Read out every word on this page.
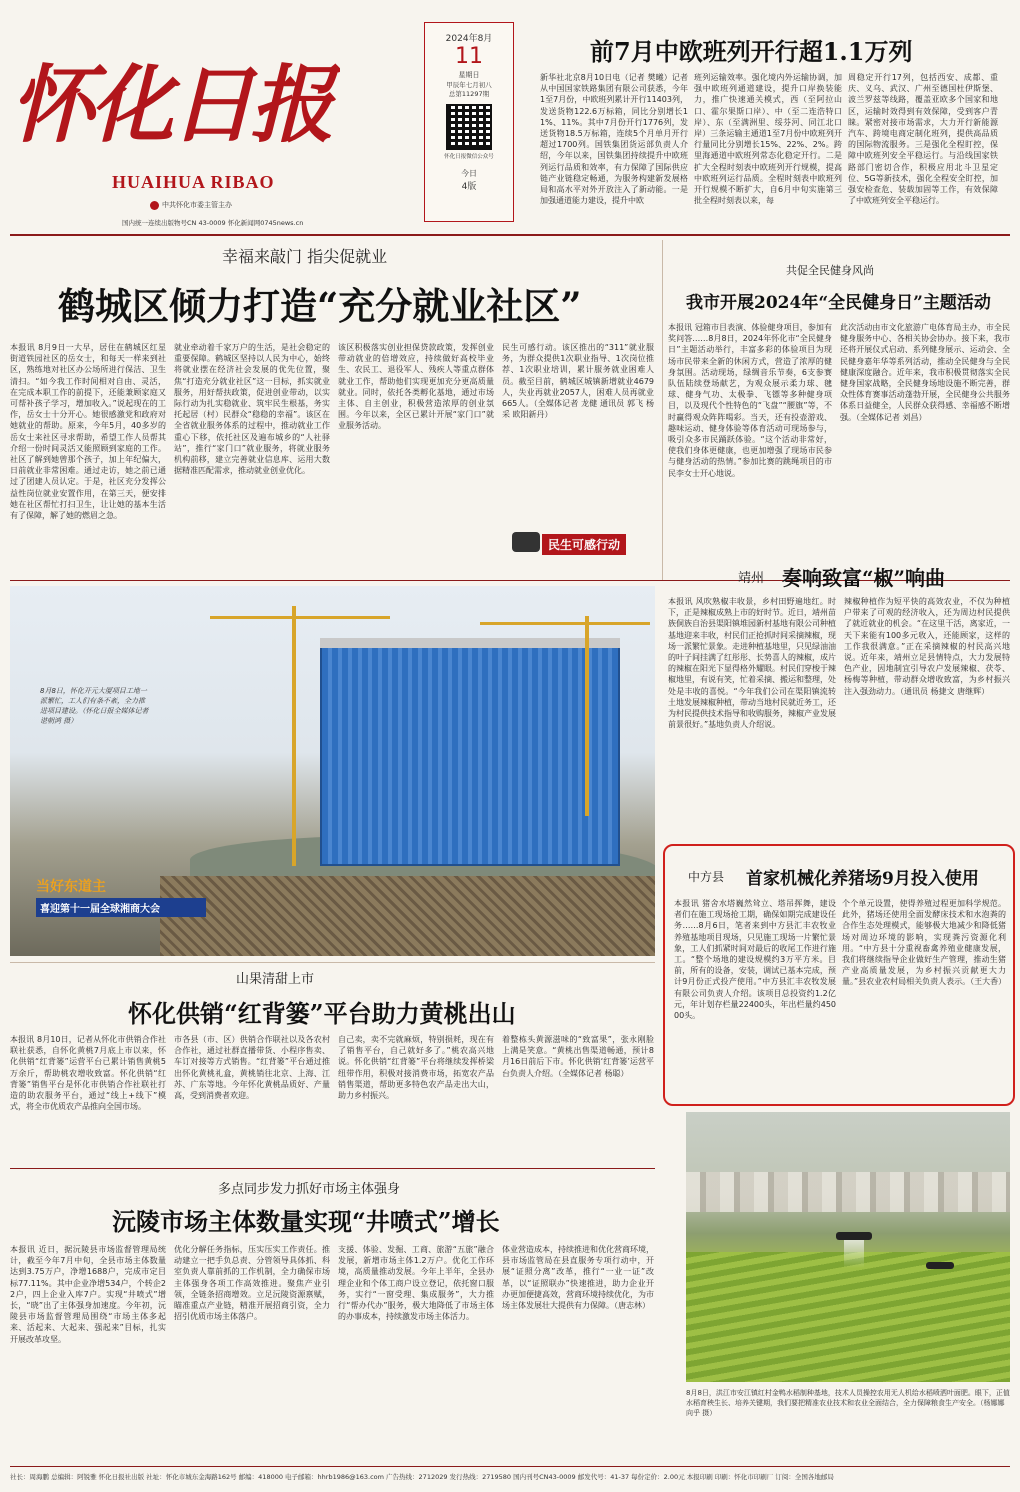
怀化日报
HUAIHUA RIBAO
中共怀化市委主管主办
国内统一连续出版物号CN 43-0009 怀化新闻网0745news.cn
2024年8月
11
星期日
甲辰年七月初八
总第11297期
怀化日报微信公众号
今日
4版
前7月中欧班列开行超1.1万列
新华社北京8月10日电（记者 樊曦）记者从中国国家铁路集团有限公司获悉，今年1至7月份，中欧班列累计开行11403列，发送货物122.6万标箱，同比分别增长11%、11%。其中7月份开行1776列，发送货物18.5万标箱，连续5个月单月开行超过1700列。国铁集团货运部负责人介绍，今年以来，国铁集团持续提升中欧班列运行品质和效率，有力保障了国际供应链产业链稳定畅通，为服务构建新发展格局和高水平对外开放注入了新动能。一是加强通道能力建设，提升中欧
班列运输效率。强化境内外运输协调，加强中欧班列通道建设，提升口岸换装能力，推广快速通关模式，西（至阿拉山口、霍尔果斯口岸）、中（至二连浩特口岸）、东（至满洲里、绥芬河、同江北口岸）三条运输主通道1至7月份中欧班列开行量同比分别增长15%、22%、2%。跨里海通道中欧班列常态化稳定开行。二是扩大全程时刻表中欧班列开行规模，提高中欧班列运行品质。全程时刻表中欧班列开行规模不断扩大，自6月中旬实施第三批全程时刻表以来，每
周稳定开行17列，包括西安、成都、重庆、义乌、武汉、广州至德国杜伊斯堡、波兰罗兹等线路，覆盖亚欧多个国家和地区，运输时效得到有效保障，受到客户青睐。紧密对接市场需求，大力开行新能源汽车、跨境电商定制化班列，提供高品质的国际物流服务。三是强化全程盯控，保障中欧班列安全平稳运行。与沿线国家铁路部门密切合作，积极应用北斗卫星定位、5G等新技术，强化全程安全盯控，加强安检查危、装载加固等工作，有效保障了中欧班列安全平稳运行。
幸福来敲门 指尖促就业
鹤城区倾力打造“充分就业社区”
本报讯 8月9日一大早，居住在鹤城区红星街道铁园社区的岳女士，和每天一样来到社区，熟练地对社区办公场所进行保洁、卫生清扫。“如今我工作时间相对自由、灵活，在完成本职工作的前提下，还能兼顾家庭又可帮补孩子学习，增加收入。”说起现在的工作，岳女士十分开心。她很感激党和政府对她就业的帮助。原来，今年5月，40多岁的岳女士来社区寻求帮助，希望工作人员帮其介绍一份时间灵活又能照顾到家庭的工作。社区了解到她曾那个孩子，加上年纪偏大，日前就业非常困难。通过走访，她之前已通过了团建人员认定。于是，社区充分发挥公益性岗位就业安置作用，在第三天，便安排她在社区帮忙打扫卫生，让让她的基本生活有了保障，解了她的燃眉之急。
就业牵动着千家万户的生活，是社会稳定的重要保障。鹤城区坚持以人民为中心，始终将就业摆在经济社会发展的优先位置，聚焦“打造充分就业社区”这一目标，抓实就业服务，用好帮扶政策，促进创业带动，以实际行动为扎实稳就业、筑牢民生根基，务实托起居（村）民群众“稳稳的幸福”。该区在全省就业服务体系的过程中，推动就业工作重心下移，依托社区及遍布城乡的“人社驿站”，推行“家门口”就业服务，将就业服务机构前移，建立完善就业信息库、运用大数据精准匹配需求，推动就业创业优化。
该区积极落实创业担保贷款政策，发挥创业带动就业的倍增效应，持续做好高校毕业生、农民工、退役军人、残疾人等重点群体就业工作，帮助他们实现更加充分更高质量就业。同时，依托各类孵化基地，通过市场主体、自主创业，积极营造浓厚的创业氛围。今年以来，全区已累计开展“家门口”就业服务活动。
民生可感行动。该区推出的“311”就业服务，为群众提供1次职业指导、1次岗位推荐、1次职业培训，累计服务就业困难人员。截至目前，鹤城区城镇新增就业4679人，失业再就业2057人，困难人员再就业665人。（全媒体记者 龙健 通讯员 郭飞 杨采 欧阳新丹）
民生可感行动
共促全民健身风尚
我市开展2024年“全民健身日”主题活动
本报讯 冠箱市目表演、体验健身项目，参加有奖问答……8月8日，2024年怀化市“全民健身日”主题活动举行，丰富多彩的体验项目为现场市民带来全新的休闲方式，营造了浓厚的健身氛围。活动现场，绿绸音乐节奏，6支参赛队伍陆续登场献艺，为观众展示柔力球、毽球、健身气功、太极拳、飞镖等多种健身项目，以及现代个性特色的“飞盘”“腰旗”等，不时赢得观众阵阵喝彩。当天，还有投壶游戏、趣味运动、健身体验等体育活动可现场参与，吸引众多市民踊跃体验。“这个活动非常好，使我们身体更健康，也更加增强了现场市民参与健身活动的热情。”参加比赛的跳绳项目的市民李女士开心地说。
此次活动由市文化旅游广电体育局主办，市全民健身服务中心、各相关协会协办。接下来，我市还将开展仪式启动、系列健身展示、运动会、全民健身嘉年华等系列活动，推动全民健身与全民健康深度融合。近年来，我市积极贯彻落实全民健身国家战略，全民健身场地设施不断完善，群众性体育赛事活动蓬勃开展，全民健身公共服务体系日益健全，人民群众获得感、幸福感不断增强。（全媒体记者 刘昌）
8月8日，怀化开元大厦项目工地一派繁忙，工人们有条不紊，全力推进项目建设。（怀化日报全媒体记者 谌朝鸿 摄）
当好东道主
喜迎第十一届全球湘商大会
靖州 奏响致富“椒”响曲
本报讯 风吹熟椒丰收景，乡村田野遍地红。时下，正是辣椒成熟上市的好时节。近日，靖州苗族侗族自治县渠阳镇堆园新村基地有限公司种植基地迎来丰收，村民们正抢抓时间采摘辣椒，现场一派繁忙景象。走进种植基地里，只见绿油油的叶子间挂满了红彤彤、长势喜人的辣椒，成片的辣椒在阳光下显得格外耀眼。村民们穿梭于辣椒地里，有说有笑，忙着采摘、搬运和整理，处处是丰收的喜悦。“今年我们公司在渠阳镇流转土地发展辣椒种植，带动当地村民就近务工，还为村民提供技术指导和收购服务，辣椒产业发展前景很好。”基地负责人介绍说。
辣椒种植作为短平快的高效农业，不仅为种植户带来了可观的经济收入，还为周边村民提供了就近就业的机会。“在这里干活，离家近，一天下来能有100多元收入，还能顾家，这样的工作我很满意。”正在采摘辣椒的村民高兴地说。近年来，靖州立足县情特点，大力发展特色产业，因地制宜引导农户发展辣椒、茯苓、杨梅等种植，带动群众增收致富，为乡村振兴注入强劲动力。（通讯员 杨捷文 唐继辉）
中方县 首家机械化养猪场9月投入使用
本报讯 猪舍水塔巍然耸立、塔吊挥舞，建设者们在施工现场抢工期，确保如期完成建设任务……8月6日，笔者来到中方县汇丰农牧业养殖基地项目现场，只见施工现场一片繁忙景象，工人们抓紧时间对最后的收尾工作进行施工。“整个场地的建设规模约3万平方米。目前，所有的设备，安装，调试已基本完成，预计9月份正式投产使用。”中方县汇丰农牧发展有限公司负责人介绍。该项目总投资约1.2亿元，年计划存栏量22400头，年出栏量约45000头。
个个单元设置，使得养殖过程更加科学规范。此外，猪场还使用全面发酵床技术和水泡粪的合作生态处理模式，能够极大地减少和降低猪场对周边环境的影响，实现粪污资源化利用。“中方县十分重视畜禽养殖业健康发展，我们将继续指导企业做好生产管理，推动生猪产业高质量发展，为乡村振兴贡献更大力量。”县农业农村局相关负责人表示。（王大香）
山果清甜上市
怀化供销“红背篓”平台助力黄桃出山
本报讯 8月10日，记者从怀化市供销合作社联社获悉，自怀化黄桃7月底上市以来，怀化供销“红背篓”运营平台已累计销售黄桃5万余斤，帮助桃农增收致富。怀化供销“红背篓”销售平台是怀化市供销合作社联社打造的助农服务平台，通过“线上+线下”模式，将全市优质农产品推向全国市场。
市各县（市、区）供销合作联社以及各农村合作社，通过社群直播带货、小程序售卖、车订对接等方式销售。“红背篓”平台通过推出怀化黄桃礼盒，黄桃销往北京、上海、江苏、广东等地。今年怀化黄桃品质好、产量高，受到消费者欢迎。
自己卖，卖不完就麻烦，特别损耗，现在有了销售平台，自己就好多了。”桃农高兴地说。怀化供销“红背篓”平台将继续发挥桥梁纽带作用，积极对接消费市场，拓宽农产品销售渠道，帮助更多特色农产品走出大山，助力乡村振兴。
着整栋头黄源滋味的“致富果”，张永刚脸上满是笑意。“黄桃出售渠道畅通，预计8月16日前后下市。怀化供销‘红背篓’运营平台负责人介绍。（全媒体记者 杨聪）
多点同步发力抓好市场主体强身
沅陵市场主体数量实现“井喷式”增长
本报讯 近日，据沅陵县市场监督管理局统计，截至今年7月中旬，全县市场主体数量达到3.75万户，净增1688户，完成市定目标77.11%。其中企业净增534户，个转企22户，四上企业入库7户。实现“井喷式”增长，“晓”出了主体强身加速度。今年初，沅陵县市场监督管理局围绕“市场主体多起来、活起来、大起来、强起来”目标，扎实开展改革攻坚。
优化分解任务指标，压实压实工作责任。推动建立一把手负总责、分管领导具体抓、科室负责人靠前抓的工作机制，全力确保市场主体强身各项工作高效推进。聚焦产业引领，全链条招商增效。立足沅陵资源禀赋，瞄准重点产业链，精准开展招商引资，全力招引优质市场主体落户。
支援、体验、发掘、工商、旅游“五旅”融合发展，新增市场主体1.2万户。优化工作环境，高质量推动发展。今年上半年，全县办理企业和个体工商户设立登记，依托窗口服务，实行“一窗受理、集成服务”，大力推行“帮办代办”服务，极大地降低了市场主体的办事成本，持续激发市场主体活力。
体业营造成本，持续推进和优化营商环境，县市场监管局在县直服务专项行动中，开展“证照分离”改革，推行“一业一证”改革，以“证照联办”快速推进，助力企业开办更加便捷高效，营商环境持续优化，为市场主体发展壮大提供有力保障。（唐志林）
8月8日，洪江市安江镇红村金鸭水稻制种基地，技术人员操控农用无人机给水稻喷洒叶面肥。眼下，正值水稻育秧生长、培养关键期，我们要把精准农业技术和农业全面结合，全力保障粮食生产安全。（杨娜娜 向乎 摄）
社长：周海鹏 总编辑：阿锐雅 怀化日报社出版 社址：怀化市城东金海路162号 邮编：418000 电子邮箱：hhrb1986@163.com 广告热线：2712029 发行热线：2719580 国内刊号CN43-0009 邮发代号：41-37 每份定价：2.00元 本报印刷 印刷：怀化市印刷厂 订阅：全国各地邮局
